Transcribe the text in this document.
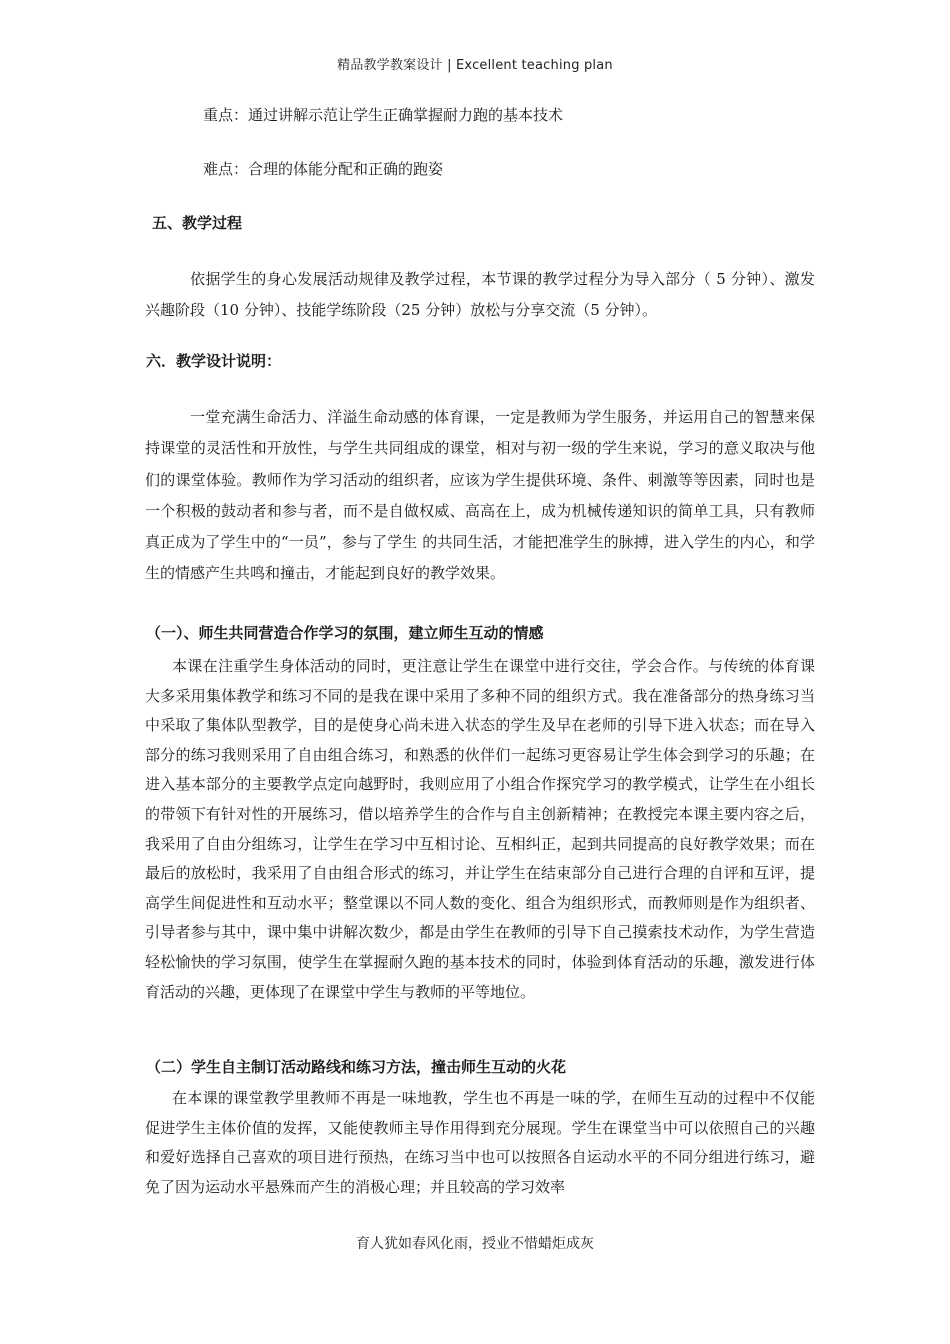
精品教学教案设计 | Excellent teaching plan
重点：通过讲解示范让学生正确掌握耐力跑的基本技术
难点：合理的体能分配和正确的跑姿
五、教学过程

依据学生的身心发展活动规律及教学过程，本节课的教学过程分为导入部分（ 5 分钟）、激发兴趣阶段（10 分钟）、技能学练阶段（25 分钟）放松与分享交流（5 分钟）。

六．教学设计说明：

一堂充满生命活力、洋溢生命动感的体育课，一定是教师为学生服务，并运用自己的智慧来保持课堂的灵活性和开放性，与学生共同组成的课堂，相对与初一级的学生来说，学习的意义取决与他们的课堂体验。教师作为学习活动的组织者，应该为学生提供环境、条件、刺激等等因素，同时也是一个积极的鼓动者和参与者，而不是自做权威、高高在上，成为机械传递知识的简单工具，只有教师真正成为了学生中的“一员”，参与了学生 的共同生活，才能把准学生的脉搏，进入学生的内心，和学生的情感产生共鸣和撞击，才能起到良好的教学效果。

（一）、师生共同营造合作学习的氛围，建立师生互动的情感

本课在注重学生身体活动的同时，更注意让学生在课堂中进行交往，学会合作。与传统的体育课大多采用集体教学和练习不同的是我在课中采用了多种不同的组织方式。我在准备部分的热身练习当中采取了集体队型教学，目的是使身心尚未进入状态的学生及早在老师的引导下进入状态；而在导入部分的练习我则采用了自由组合练习，和熟悉的伙伴们一起练习更容易让学生体会到学习的乐趣；在进入基本部分的主要教学点定向越野时，我则应用了小组合作探究学习的教学模式，让学生在小组长的带领下有针对性的开展练习，借以培养学生的合作与自主创新精神；在教授完本课主要内容之后，我采用了自由分组练习，让学生在学习中互相讨论、互相纠正，起到共同提高的良好教学效果；而在最后的放松时，我采用了自由组合形式的练习，并让学生在结束部分自己进行合理的自评和互评，提高学生间促进性和互动水平；整堂课以不同人数的变化、组合为组织形式，而教师则是作为组织者、引导者参与其中，课中集中讲解次数少，都是由学生在教师的引导下自己摸索技术动作，为学生营造轻松愉快的学习氛围，使学生在掌握耐久跑的基本技术的同时，体验到体育活动的乐趣，激发进行体育活动的兴趣，更体现了在课堂中学生与教师的平等地位。

（二）学生自主制订活动路线和练习方法，撞击师生互动的火花

在本课的课堂教学里教师不再是一味地教，学生也不再是一味的学，在师生互动的过程中不仅能促进学生主体价值的发挥，又能使教师主导作用得到充分展现。学生在课堂当中可以依照自己的兴趣和爱好选择自己喜欢的项目进行预热，在练习当中也可以按照各自运动水平的不同分组进行练习，避免了因为运动水平悬殊而产生的消极心理；并且较高的学习效率

育人犹如春风化雨，授业不惜蜡炬成灰
